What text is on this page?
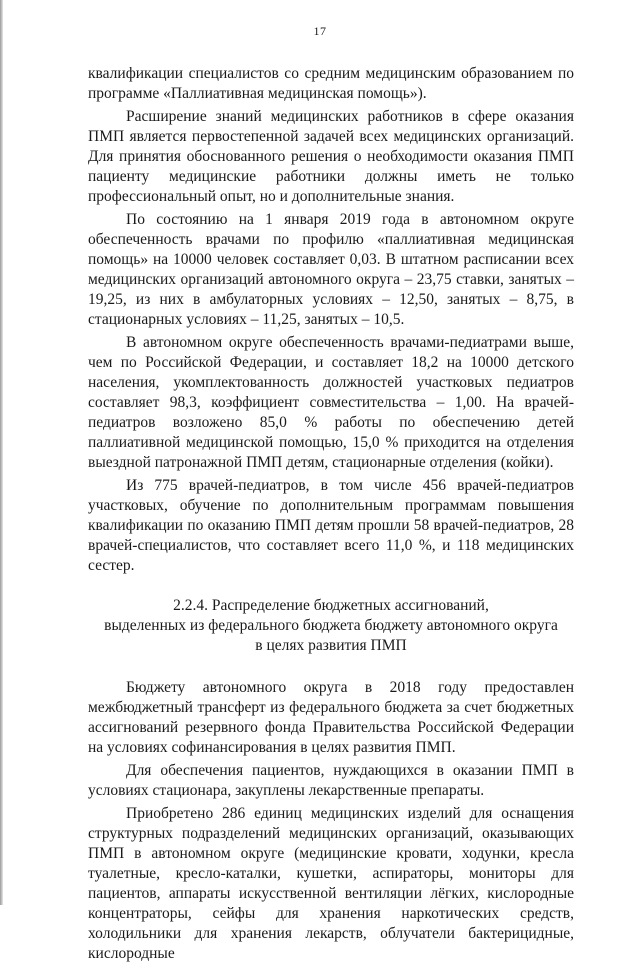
17

квалификации специалистов со средним медицинским образованием по программе «Паллиативная медицинская помощь»).

Расширение знаний медицинских работников в сфере оказания ПМП является первостепенной задачей всех медицинских организаций. Для принятия обоснованного решения о необходимости оказания ПМП пациенту медицинские работники должны иметь не только профессиональный опыт, но и дополнительные знания.

По состоянию на 1 января 2019 года в автономном округе обеспеченность врачами по профилю «паллиативная медицинская помощь» на 10000 человек составляет 0,03. В штатном расписании всех медицинских организаций автономного округа – 23,75 ставки, занятых – 19,25, из них в амбулаторных условиях – 12,50, занятых – 8,75, в стационарных условиях – 11,25, занятых – 10,5.

В автономном округе обеспеченность врачами-педиатрами выше, чем по Российской Федерации, и составляет 18,2 на 10000 детского населения, укомплектованность должностей участковых педиатров составляет 98,3, коэффициент совместительства – 1,00. На врачей-педиатров возложено 85,0 % работы по обеспечению детей паллиативной медицинской помощью, 15,0 % приходится на отделения выездной патронажной ПМП детям, стационарные отделения (койки).

Из 775 врачей-педиатров, в том числе 456 врачей-педиатров участковых, обучение по дополнительным программам повышения квалификации по оказанию ПМП детям прошли 58 врачей-педиатров, 28 врачей-специалистов, что составляет всего 11,0 %, и 118 медицинских сестер.

2.2.4. Распределение бюджетных ассигнований,
выделенных из федерального бюджета бюджету автономного округа
в целях развития ПМП

Бюджету автономного округа в 2018 году предоставлен межбюджетный трансферт из федерального бюджета за счет бюджетных ассигнований резервного фонда Правительства Российской Федерации на условиях софинансирования в целях развития ПМП.

Для обеспечения пациентов, нуждающихся в оказании ПМП в условиях стационара, закуплены лекарственные препараты.

Приобретено 286 единиц медицинских изделий для оснащения структурных подразделений медицинских организаций, оказывающих ПМП в автономном округе (медицинские кровати, ходунки, кресла туалетные, кресло-каталки, кушетки, аспираторы, мониторы для пациентов, аппараты искусственной вентиляции лёгких, кислородные концентраторы, сейфы для хранения наркотических средств, холодильники для хранения лекарств, облучатели бактерицидные, кислородные
